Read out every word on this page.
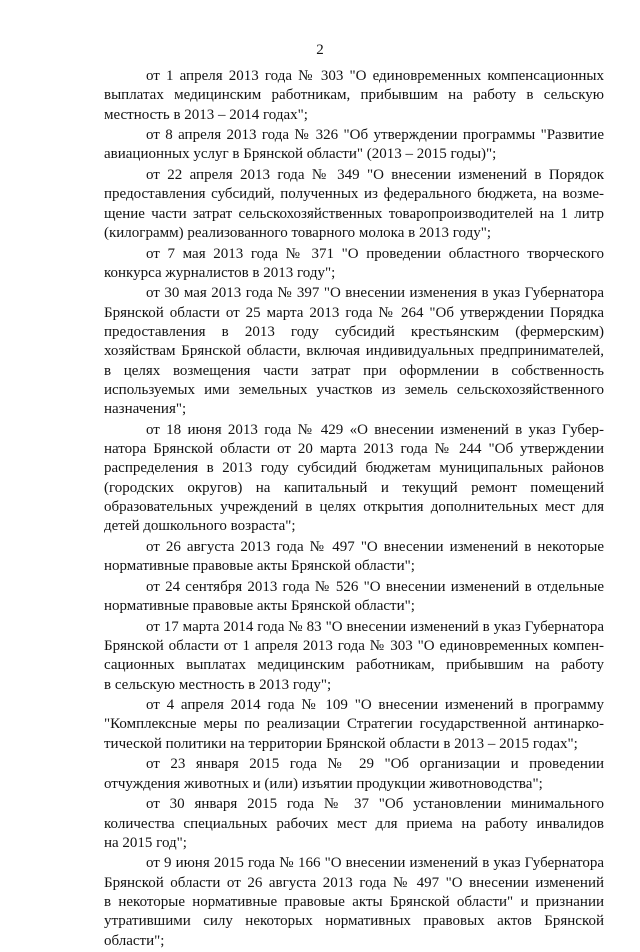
2
от 1 апреля 2013 года № 303 "О единовременных компенсационных
выплатах медицинским работникам, прибывшим на работу в сельскую
местность в 2013 – 2014 годах";
от 8 апреля 2013 года № 326 "Об утверждении программы "Развитие
авиационных услуг в Брянской области" (2013 – 2015 годы)";
от 22 апреля 2013 года № 349 "О внесении изменений в Порядок
предоставления субсидий, полученных из федерального бюджета, на возме-
щение части затрат сельскохозяйственных товаропроизводителей на 1 литр
(килограмм) реализованного товарного молока в 2013 году";
от 7 мая 2013 года № 371 "О проведении областного творческого
конкурса журналистов в 2013 году";
от 30 мая 2013 года № 397 "О внесении изменения в указ Губернатора
Брянской области от 25 марта 2013 года № 264 "Об утверждении Порядка
предоставления в 2013 году субсидий крестьянским (фермерским)
хозяйствам Брянской области, включая индивидуальных предпринимателей,
в целях возмещения части затрат при оформлении в собственность
используемых ими земельных участков из земель сельскохозяйственного
назначения";
от 18 июня 2013 года № 429 «О внесении изменений в указ Губер-
натора Брянской области от 20 марта 2013 года № 244 "Об утверждении
распределения в 2013 году субсидий бюджетам муниципальных районов
(городских округов) на капитальный и текущий ремонт помещений
образовательных учреждений в целях открытия дополнительных мест для
детей дошкольного возраста";
от 26 августа 2013 года № 497 "О внесении изменений в некоторые
нормативные правовые акты Брянской области";
от 24 сентября 2013 года № 526 "О внесении изменений в отдельные
нормативные правовые акты Брянской области";
от 17 марта 2014 года № 83 "О внесении изменений в указ Губернатора
Брянской области от 1 апреля 2013 года № 303 "О единовременных компен-
сационных выплатах медицинским работникам, прибывшим на работу
в сельскую местность в 2013 году";
от 4 апреля 2014 года № 109 "О внесении изменений в программу
"Комплексные меры по реализации Стратегии государственной антинарко-
тической политики на территории Брянской области в 2013 – 2015 годах";
от 23 января 2015 года № 29 "Об организации и проведении
отчуждения животных и (или) изъятии продукции животноводства";
от 30 января 2015 года № 37 "Об установлении минимального
количества специальных рабочих мест для приема на работу инвалидов
на 2015 год";
от 9 июня 2015 года № 166 "О внесении изменений в указ Губернатора
Брянской области от 26 августа 2013 года № 497 "О внесении изменений
в некоторые нормативные правовые акты Брянской области" и признании
утратившими силу некоторых нормативных правовых актов Брянской
области";
